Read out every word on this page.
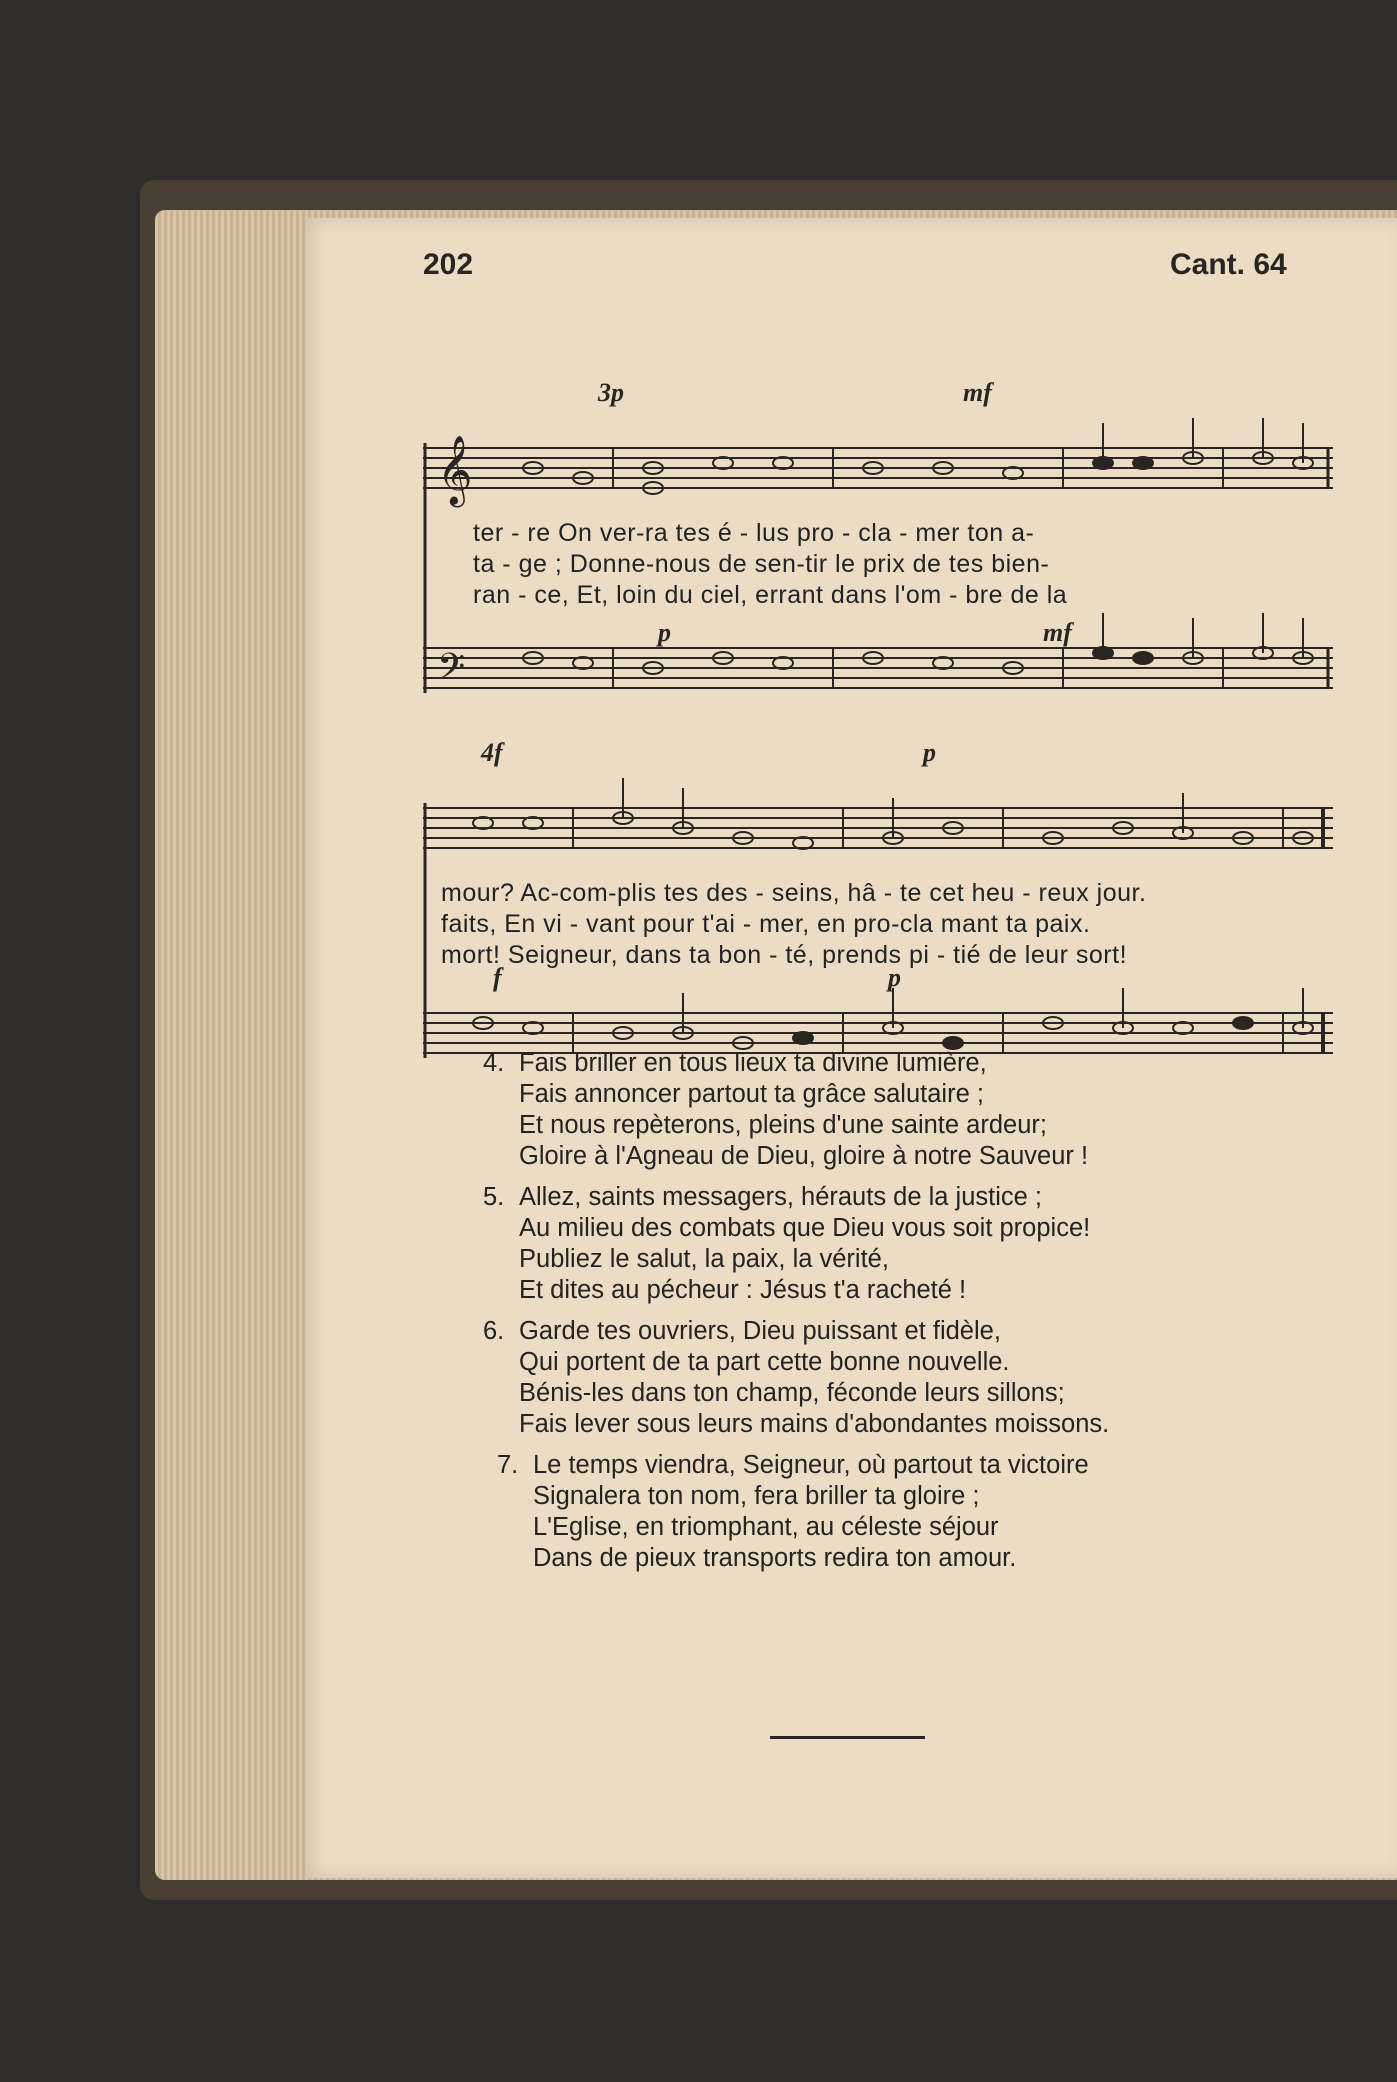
202	Cant. 64
𝄞
𝄢
ter - re On ver-ra tes é - lus pro - cla - mer ton a-
ta - ge ; Donne-nous de sen-tir le prix de tes bien-
ran - ce, Et, loin du ciel, errant dans l'om - bre de la
3p	mf
p	mf
mour? Ac-com-plis tes des - seins, hâ - te cet heu - reux jour.
faits, En vi - vant pour t'ai - mer, en pro-cla mant ta paix.
mort! Seigneur, dans ta bon - té, prends pi - tié de leur sort!
4f	p
f	p
4. Fais briller en tous lieux ta divine lumière,
Fais annoncer partout ta grâce salutaire ;
Et nous repèterons, pleins d'une sainte ardeur;
Gloire à l'Agneau de Dieu, gloire à notre Sauveur !
5. Allez, saints messagers, hérauts de la justice ;
Au milieu des combats que Dieu vous soit propice!
Publiez le salut, la paix, la vérité,
Et dites au pécheur : Jésus t'a racheté !
6. Garde tes ouvriers, Dieu puissant et fidèle,
Qui portent de ta part cette bonne nouvelle.
Bénis-les dans ton champ, féconde leurs sillons;
Fais lever sous leurs mains d'abondantes moissons.
7. Le temps viendra, Seigneur, où partout ta victoire
Signalera ton nom, fera briller ta gloire ;
L'Eglise, en triomphant, au céleste séjour
Dans de pieux transports redira ton amour.
